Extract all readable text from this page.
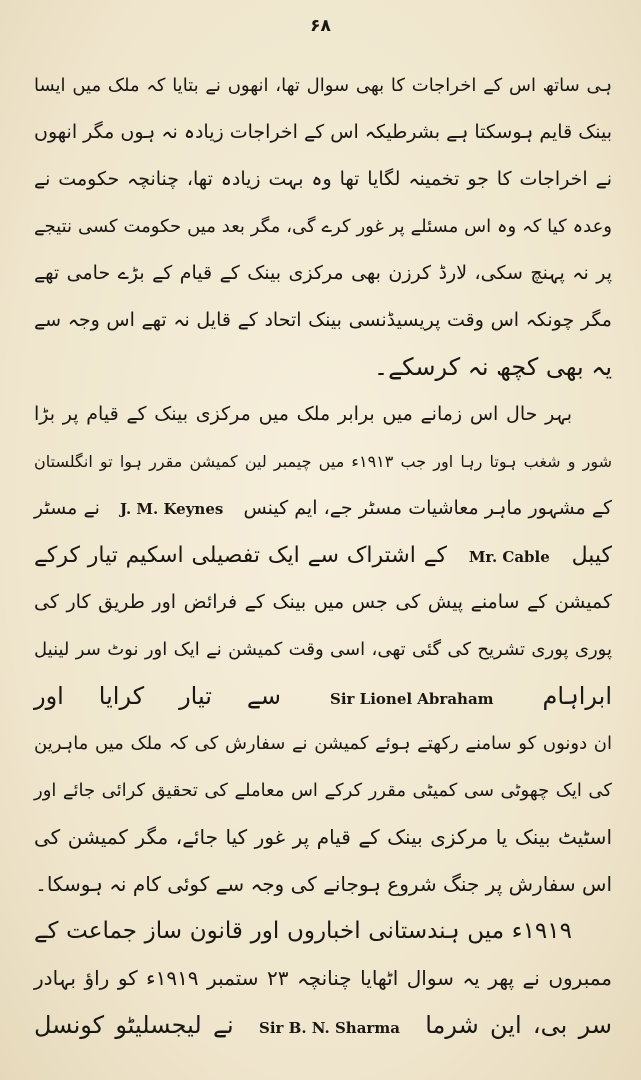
۶۸
ہی ساتھ اس کے اخراجات کا بھی سوال تھا، انھوں نے بتایا کہ ملک میں ایسا
بینک قایم ہوسکتا ہے بشرطیکہ اس کے اخراجات زیادہ نہ ہوں مگر انھوں
نے اخراجات کا جو تخمینہ لگایا تھا وہ بہت زیادہ تھا، چنانچہ حکومت نے
وعدہ کیا کہ وہ اس مسئلے پر غور کرے گی، مگر بعد میں حکومت کسی نتیجے
پر نہ پہنچ سکی، لارڈ کرزن بھی مرکزی بینک کے قیام کے بڑے حامی تھے
مگر چونکہ اس وقت پریسیڈنسی بینک اتحاد کے قایل نہ تھے اس وجہ سے
یہ بھی کچھ نہ کرسکے۔
بہر حال اس زمانے میں برابر ملک میں مرکزی بینک کے قیام پر بڑا
شور و شغب ہوتا رہا اور جب ۱۹۱۳ء میں چیمبر لین کمیشن مقرر ہوا تو انگلستان
کے مشہور ماہر معاشیات مسٹر جے، ایم کینس J. M. Keynes نے مسٹر
کیبل Mr. Cable کے اشتراک سے ایک تفصیلی اسکیم تیار کرکے
کمیشن کے سامنے پیش کی جس میں بینک کے فرائض اور طریق کار کی
پوری پوری تشریح کی گئی تھی، اسی وقت کمیشن نے ایک اور نوٹ سر لینیل
ابراہام Sir Lionel Abraham سے تیار کرایا اور
ان دونوں کو سامنے رکھتے ہوئے کمیشن نے سفارش کی کہ ملک میں ماہرین
کی ایک چھوٹی سی کمیٹی مقرر کرکے اس معاملے کی تحقیق کرائی جائے اور
اسٹیٹ بینک یا مرکزی بینک کے قیام پر غور کیا جائے، مگر کمیشن کی
اس سفارش پر جنگ شروع ہوجانے کی وجہ سے کوئی کام نہ ہوسکا۔
۱۹۱۹ء میں ہندستانی اخباروں اور قانون ساز جماعت کے
ممبروں نے پھر یہ سوال اٹھایا چنانچہ ۲۳ ستمبر ۱۹۱۹ء کو راؤ بہادر
سر بی، این شرما Sir B. N. Sharma نے لیجسلیٹو کونسل
